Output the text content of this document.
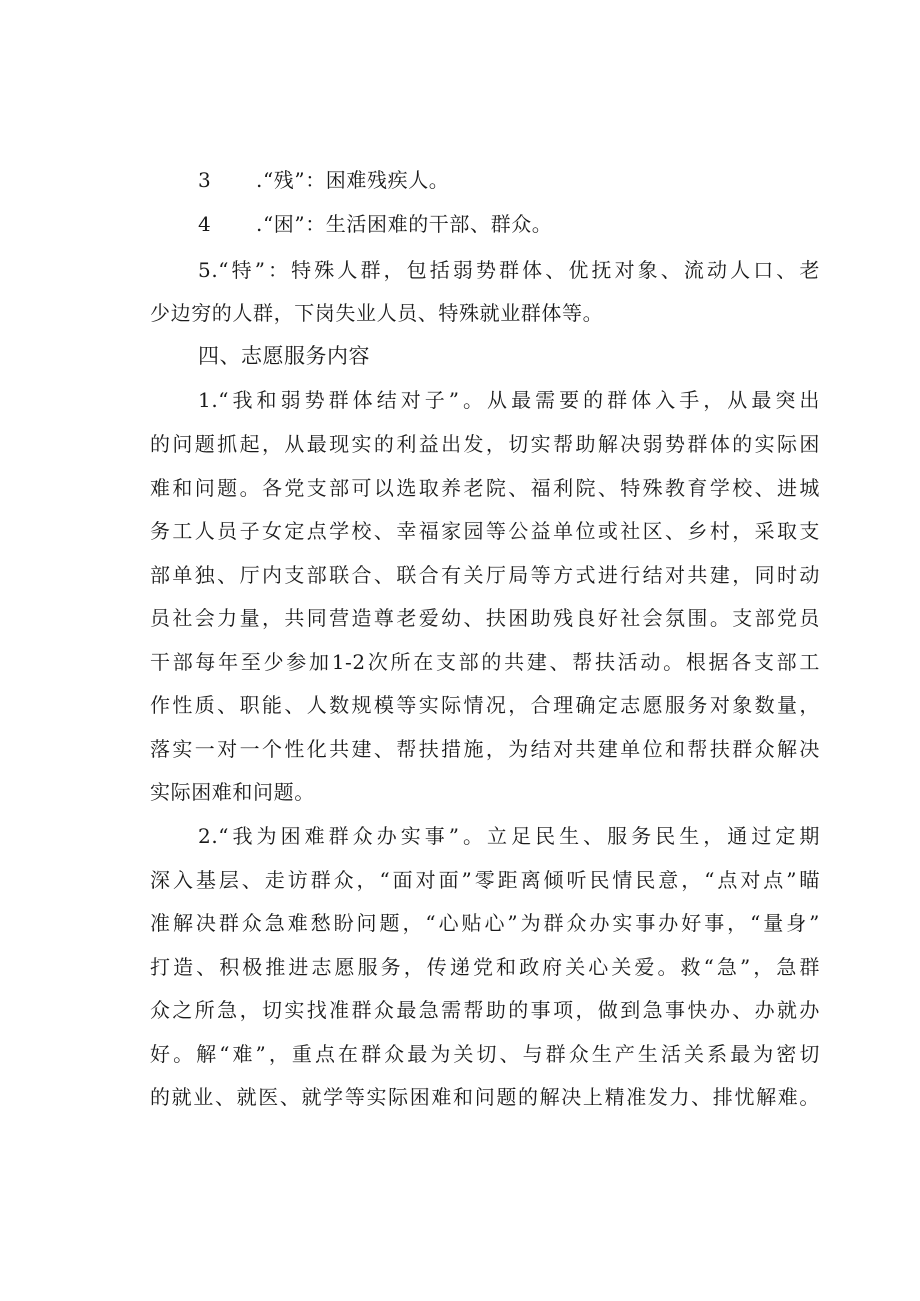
3 .“残”：困难残疾人。
4 .“困”：生活困难的干部、群众。
5.“特”：特殊人群，包括弱势群体、优抚对象、流动人口、老
少边穷的人群，下岗失业人员、特殊就业群体等。
四、志愿服务内容
1.“我和弱势群体结对子”。从最需要的群体入手，从最突出
的问题抓起，从最现实的利益出发，切实帮助解决弱势群体的实际困
难和问题。各党支部可以选取养老院、福利院、特殊教育学校、进城
务工人员子女定点学校、幸福家园等公益单位或社区、乡村，采取支
部单独、厅内支部联合、联合有关厅局等方式进行结对共建，同时动
员社会力量，共同营造尊老爱幼、扶困助残良好社会氛围。支部党员
干部每年至少参加1-2次所在支部的共建、帮扶活动。根据各支部工
作性质、职能、人数规模等实际情况，合理确定志愿服务对象数量，
落实一对一个性化共建、帮扶措施，为结对共建单位和帮扶群众解决
实际困难和问题。
2.“我为困难群众办实事”。立足民生、服务民生，通过定期
深入基层、走访群众，“面对面”零距离倾听民情民意，“点对点”瞄
准解决群众急难愁盼问题，“心贴心”为群众办实事办好事，“量身”
打造、积极推进志愿服务，传递党和政府关心关爱。救“急”，急群
众之所急，切实找准群众最急需帮助的事项，做到急事快办、办就办
好。解“难”，重点在群众最为关切、与群众生产生活关系最为密切
的就业、就医、就学等实际困难和问题的解决上精准发力、排忧解难。
